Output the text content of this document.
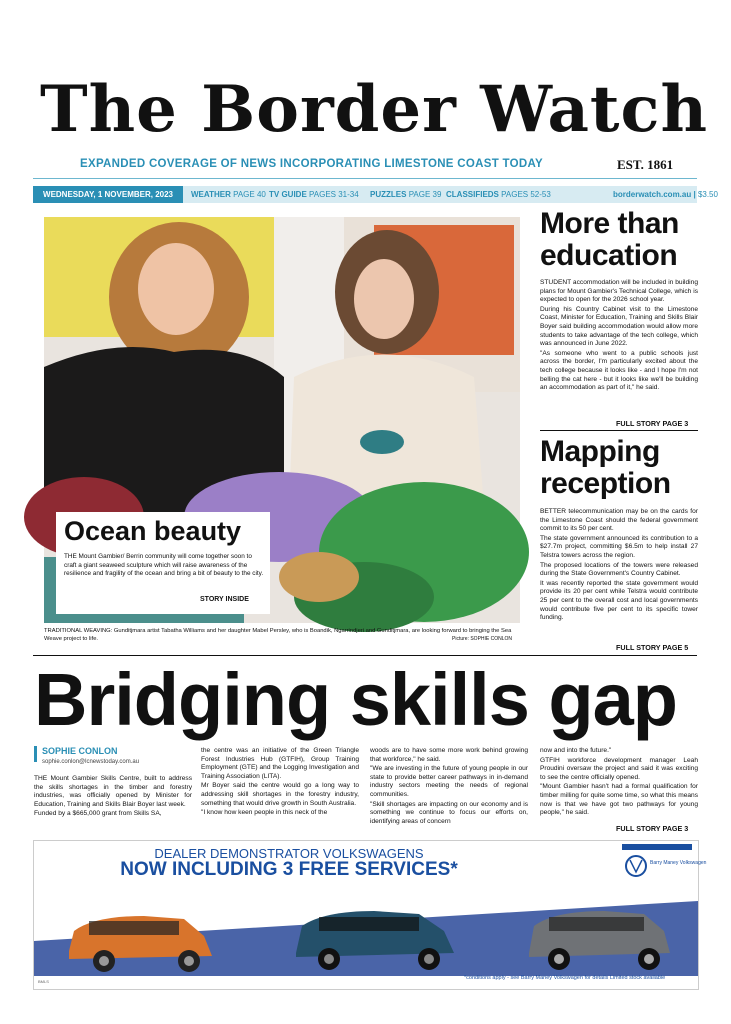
The Border Watch
EXPANDED COVERAGE OF NEWS INCORPORATING LIMESTONE COAST TODAY	EST. 1861
WEDNESDAY, 1 NOVEMBER, 2023	WEATHER PAGE 40 TV GUIDE PAGES 31-34 PUZZLES PAGE 39 CLASSIFIEDS PAGES 52-53	borderwatch.com.au | $3.50
Ocean beauty
THE Mount Gambier/ Berrin community will come together soon to craft a giant seaweed sculpture which will raise awareness of the resilience and fragility of the ocean and bring a bit of beauty to the city.
STORY INSIDE
TRADITIONAL WEAVING: Gunditjmara artist Tabatha Williams and her daughter Mabel Persley, who is Boandik, Ngarrindjeri and Gunditjmara, are looking forward to bringing the Sea Weave project to life.	Picture: SOPHIE CONLON
More than
education

STUDENT accommodation will be included in building plans for Mount Gambier's Technical College, which is expected to open for the 2026 school year.

During his Country Cabinet visit to the Limestone Coast, Minister for Education, Training and Skills Blair Boyer said building accommodation would allow more students to take advantage of the tech college, which was announced in June 2022.

"As someone who went to a public schools just across the border, I'm particularly excited about the tech college because it looks like - and I hope I'm not belling the cat here - but it looks like we'll be building an accommodation as part of it," he said.

FULL STORY PAGE 3
Mapping
reception

BETTER telecommunication may be on the cards for the Limestone Coast should the federal government commit to its 50 per cent.

The state government announced its contribution to a $27.7m project, committing $6.5m to help install 27 Telstra towers across the region.

The proposed locations of the towers were released during the State Government's Country Cabinet.

It was recently reported the state government would provide its 20 per cent while Telstra would contribute 25 per cent to the overall cost and local governments would contribute five per cent to its specific tower funding.

FULL STORY PAGE 5
Bridging skills gap
SOPHIE CONLON
sophie.conlon@lcnewstoday.com.au

THE Mount Gambier Skills Centre, built to address the skills shortages in the timber and forestry industries, was officially opened by Minister for Education, Training and Skills Blair Boyer last week.

Funded by a $665,000 grant from Skills SA,

the centre was an initiative of the Green Triangle Forest Industries Hub (GTFIH), Group Training Employment (GTE) and the Logging Investigation and Training Association (LITA).

Mr Boyer said the centre would go a long way to addressing skill shortages in the forestry industry, something that would drive growth in South Australia.

"I know how keen people in this neck of the

woods are to have some more work behind growing that workforce," he said.

"We are investing in the future of young people in our state to provide better career pathways in in-demand industry sectors meeting the needs of regional communities.

"Skill shortages are impacting on our economy and is something we continue to focus our efforts on, identifying areas of concern

now and into the future."

GTFIH workforce development manager Leah Proudini oversaw the project and said it was exciting to see the centre officially opened.

"Mount Gambier hasn't had a formal qualification for timber milling for quite some time, so what this means now is that we have got two pathways for young people," he said.

FULL STORY PAGE 3
DEALER DEMONSTRATOR VOLKSWAGENS
NOW INCLUDING 3 FREE SERVICES*	Barry Maney Volkswagen
*conditions apply - see Barry Maney Volkswagen for details Limited stock available
BMLS
